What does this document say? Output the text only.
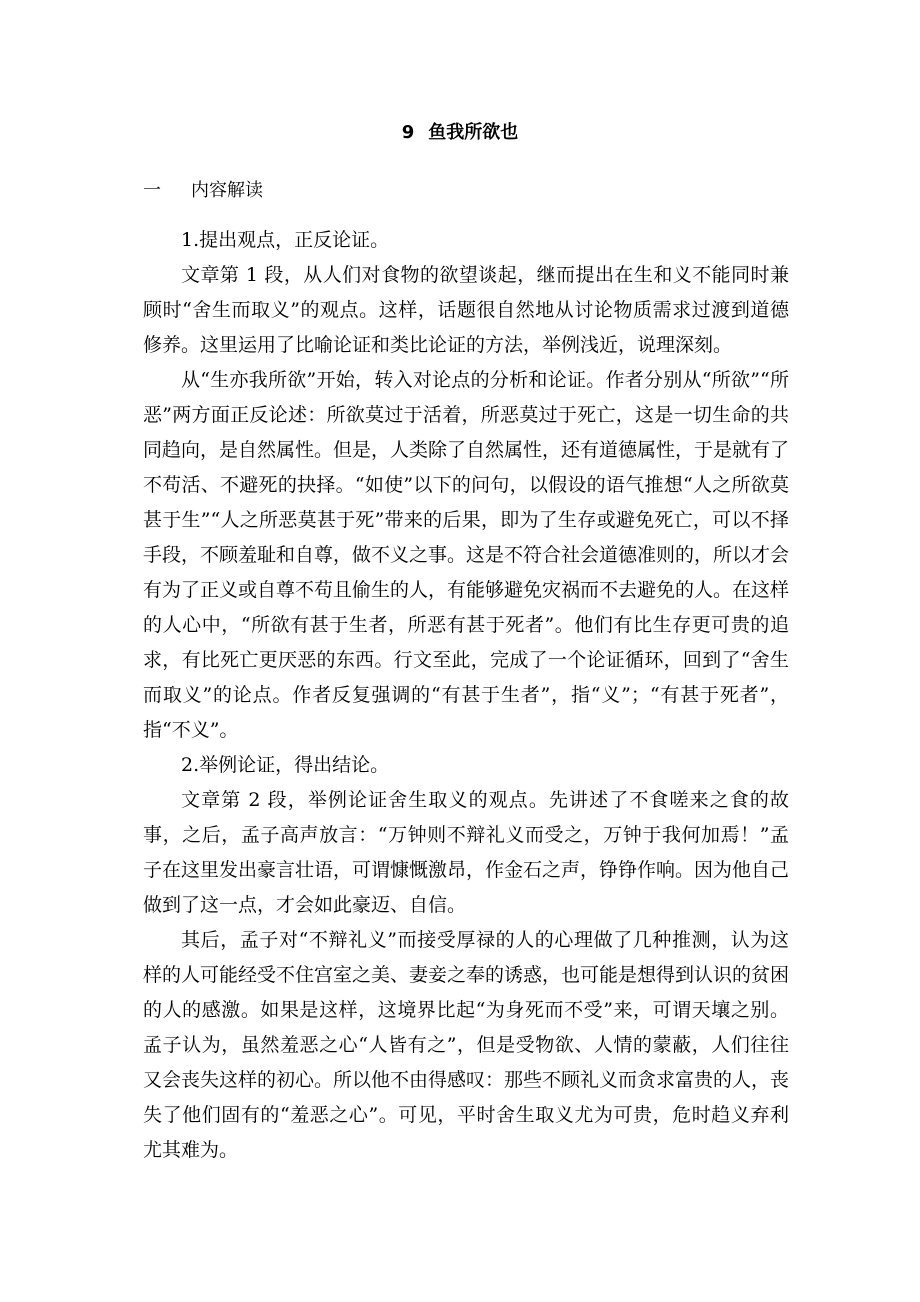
9 鱼我所欲也
一 内容解读

1.提出观点，正反论证。

文章第 1 段，从人们对食物的欲望谈起，继而提出在生和义不能同时兼顾时“舍生而取义”的观点。这样，话题很自然地从讨论物质需求过渡到道德修养。这里运用了比喻论证和类比论证的方法，举例浅近，说理深刻。

从“生亦我所欲”开始，转入对论点的分析和论证。作者分别从“所欲”“所恶”两方面正反论述：所欲莫过于活着，所恶莫过于死亡，这是一切生命的共同趋向，是自然属性。但是，人类除了自然属性，还有道德属性，于是就有了不苟活、不避死的抉择。“如使”以下的问句，以假设的语气推想“人之所欲莫甚于生”“人之所恶莫甚于死”带来的后果，即为了生存或避免死亡，可以不择手段，不顾羞耻和自尊，做不义之事。这是不符合社会道德准则的，所以才会有为了正义或自尊不苟且偷生的人，有能够避免灾祸而不去避免的人。在这样的人心中，“所欲有甚于生者，所恶有甚于死者”。他们有比生存更可贵的追求，有比死亡更厌恶的东西。行文至此，完成了一个论证循环，回到了“舍生而取义”的论点。作者反复强调的“有甚于生者”，指“义”；“有甚于死者”，指“不义”。

2.举例论证，得出结论。

文章第 2 段，举例论证舍生取义的观点。先讲述了不食嗟来之食的故事，之后，孟子高声放言：“万钟则不辩礼义而受之，万钟于我何加焉！”孟子在这里发出豪言壮语，可谓慷慨激昂，作金石之声，铮铮作响。因为他自己做到了这一点，才会如此豪迈、自信。

其后，孟子对“不辩礼义”而接受厚禄的人的心理做了几种推测，认为这样的人可能经受不住宫室之美、妻妾之奉的诱惑，也可能是想得到认识的贫困的人的感激。如果是这样，这境界比起“为身死而不受”来，可谓天壤之别。孟子认为，虽然羞恶之心“人皆有之”，但是受物欲、人情的蒙蔽，人们往往又会丧失这样的初心。所以他不由得感叹：那些不顾礼义而贪求富贵的人，丧失了他们固有的“羞恶之心”。可见，平时舍生取义尤为可贵，危时趋义弃利尤其难为。
